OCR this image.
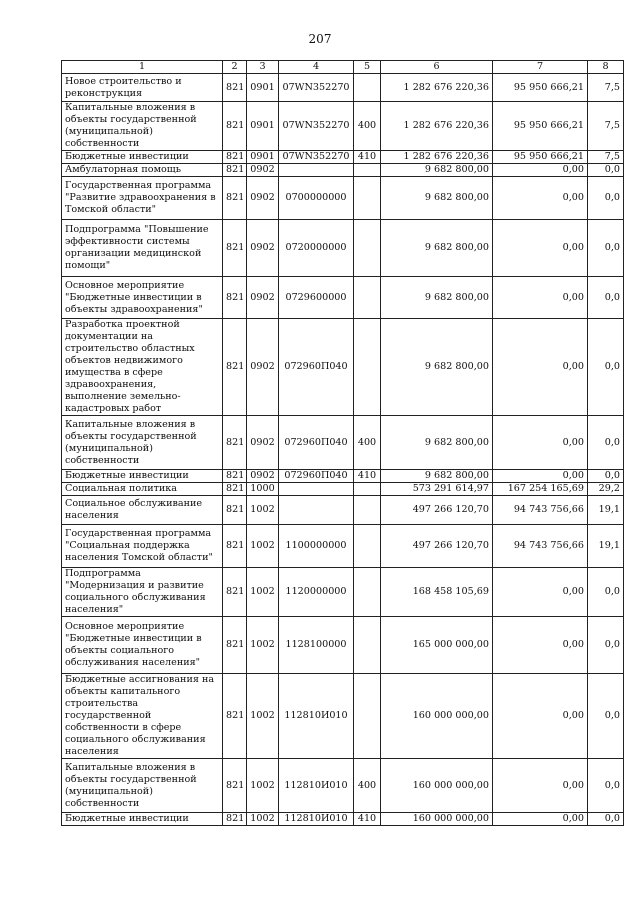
207
1	2	3	4	5	6	7	8
Новое строительство и реконструкция	821	0901	07WN352270		1 282 676 220,36	95 950 666,21	7,5
Капитальные вложения в объекты государственной (муниципальной) собственности	821	0901	07WN352270	400	1 282 676 220,36	95 950 666,21	7,5
Бюджетные инвестиции	821	0901	07WN352270	410	1 282 676 220,36	95 950 666,21	7,5
Амбулаторная помощь	821	0902			9 682 800,00	0,00	0,0
Государственная программа "Развитие здравоохранения в Томской области"	821	0902	0700000000		9 682 800,00	0,00	0,0
Подпрограмма "Повышение эффективности системы организации медицинской помощи"	821	0902	0720000000		9 682 800,00	0,00	0,0
Основное мероприятие "Бюджетные инвестиции в объекты здравоохранения"	821	0902	0729600000		9 682 800,00	0,00	0,0
Разработка проектной документации на строительство областных объектов недвижимого имущества в сфере здравоохранения, выполнение земельно-кадастровых работ	821	0902	072960П040		9 682 800,00	0,00	0,0
Капитальные вложения в объекты государственной (муниципальной) собственности	821	0902	072960П040	400	9 682 800,00	0,00	0,0
Бюджетные инвестиции	821	0902	072960П040	410	9 682 800,00	0,00	0,0
Социальная политика	821	1000			573 291 614,97	167 254 165,69	29,2
Социальное обслуживание населения	821	1002			497 266 120,70	94 743 756,66	19,1
Государственная программа "Социальная поддержка населения Томской области"	821	1002	1100000000		497 266 120,70	94 743 756,66	19,1
Подпрограмма "Модернизация и развитие социального обслуживания населения"	821	1002	1120000000		168 458 105,69	0,00	0,0
Основное мероприятие "Бюджетные инвестиции в объекты социального обслуживания населения"	821	1002	1128100000		165 000 000,00	0,00	0,0
Бюджетные ассигнования на объекты капитального строительства государственной собственности в сфере социального обслуживания населения	821	1002	112810И010		160 000 000,00	0,00	0,0
Капитальные вложения в объекты государственной (муниципальной) собственности	821	1002	112810И010	400	160 000 000,00	0,00	0,0
Бюджетные инвестиции	821	1002	112810И010	410	160 000 000,00	0,00	0,0
